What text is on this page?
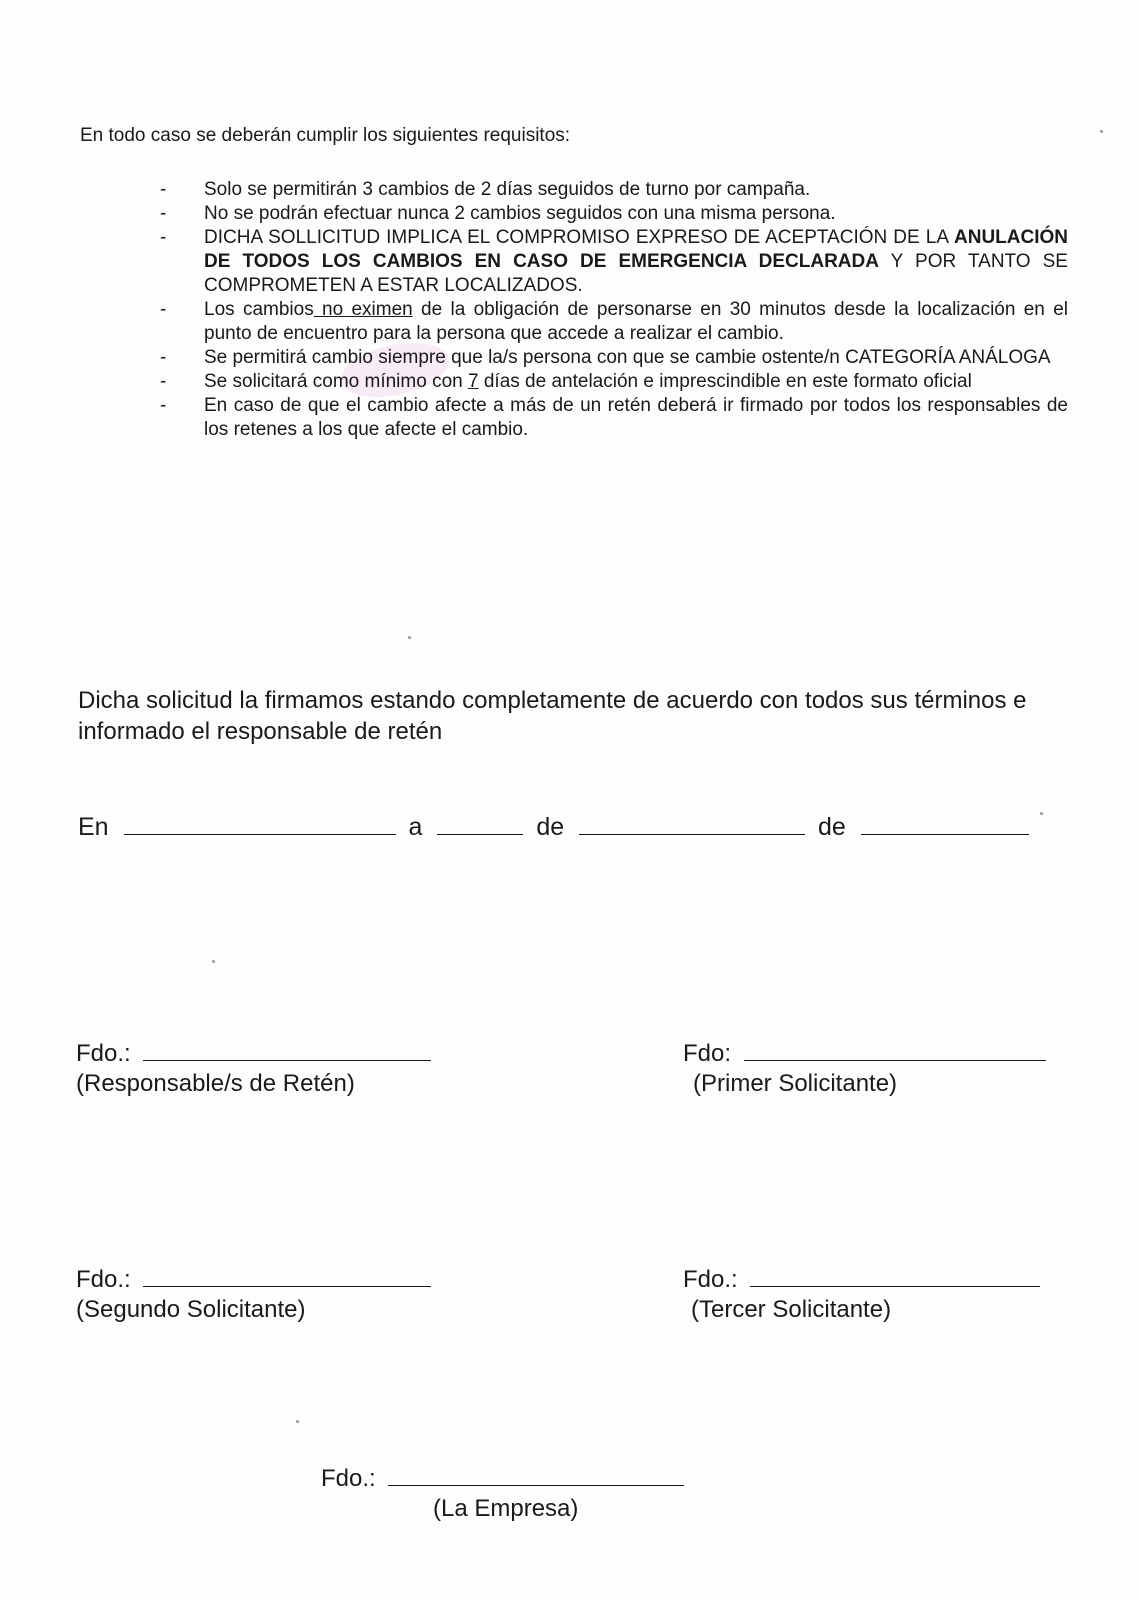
En todo caso se deberán cumplir los siguientes requisitos:
- Solo se permitirán 3 cambios de 2 días seguidos de turno por campaña.
- No se podrán efectuar nunca 2 cambios seguidos con una misma persona.
- DICHA SOLLICITUD IMPLICA EL COMPROMISO EXPRESO DE ACEPTACIÓN DE LA ANULACIÓN DE TODOS LOS CAMBIOS EN CASO DE EMERGENCIA DECLARADA Y POR TANTO SE COMPROMETEN A ESTAR LOCALIZADOS.
- Los cambios no eximen de la obligación de personarse en 30 minutos desde la localización en el punto de encuentro para la persona que accede a realizar el cambio.
- Se permitirá cambio siempre que la/s persona con que se cambie ostente/n CATEGORÍA ANÁLOGA
- Se solicitará como mínimo con 7 días de antelación e imprescindible en este formato oficial
- En caso de que el cambio afecte a más de un retén deberá ir firmado por todos los responsables de los retenes a los que afecte el cambio.
Dicha solicitud la firmamos estando completamente de acuerdo con todos sus términos e informado el responsable de retén
En	a	de	de
Fdo.:
(Responsable/s de Retén)
Fdo:
(Primer Solicitante)
Fdo.:
(Segundo Solicitante)
Fdo.:
(Tercer Solicitante)
Fdo.:
(La Empresa)
